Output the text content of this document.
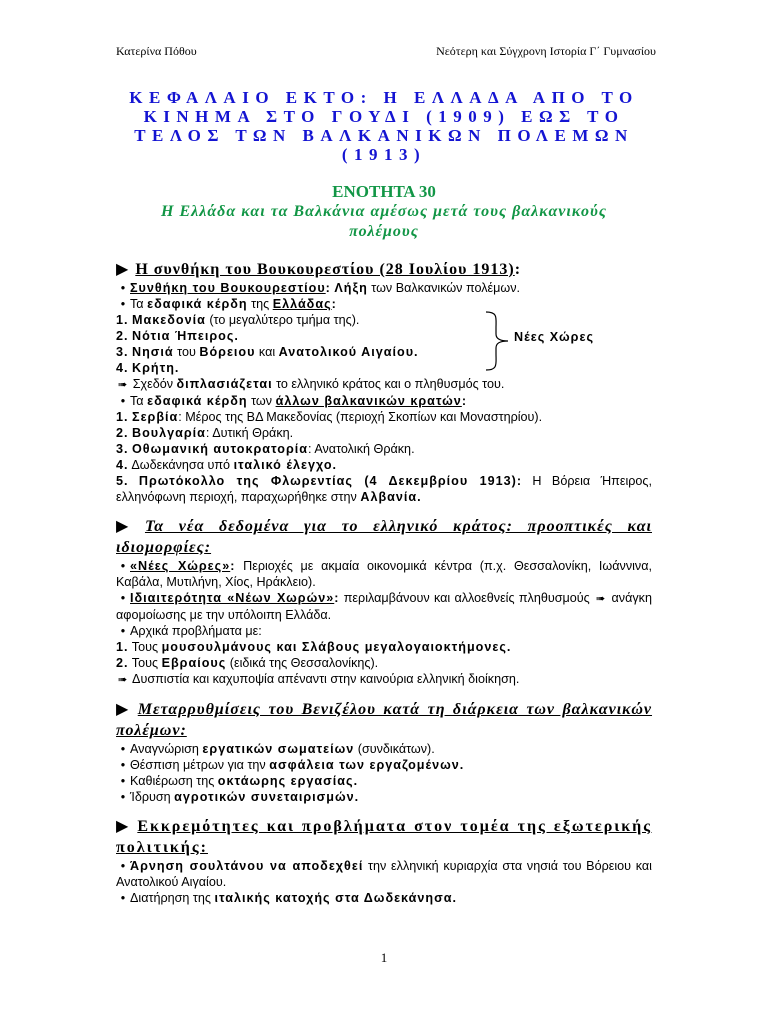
Κατερίνα Πόθου	Νεότερη και Σύγχρονη Ιστορία Γ΄ Γυμνασίου
ΚΕΦΑΛΑΙΟ ΕΚΤΟ: Η ΕΛΛΑΔΑ ΑΠΟ ΤΟ
ΚΙΝΗΜΑ ΣΤΟ ΓΟΥΔΙ (1909) ΕΩΣ ΤΟ
ΤΕΛΟΣ ΤΩΝ ΒΑΛΚΑΝΙΚΩΝ ΠΟΛΕΜΩΝ
(1913)
ΕΝΟΤΗΤΑ 30
Η Ελλάδα και τα Βαλκάνια αμέσως μετά τους βαλκανικούς
πολέμους
▶ Η συνθήκη του Βουκουρεστίου (28 Ιουλίου 1913):
• Συνθήκη του Βουκουρεστίου: Λήξη των Βαλκανικών πολέμων.
• Τα εδαφικά κέρδη της Ελλάδας:
1. Μακεδονία (το μεγαλύτερο τμήμα της).
2. Νότια Ήπειρος.
3. Νησιά του Βόρειου και Ανατολικού Αιγαίου.
4. Κρήτη.
Νέες Χώρες
➠ Σχεδόν διπλασιάζεται το ελληνικό κράτος και ο πληθυσμός του.
• Τα εδαφικά κέρδη των άλλων βαλκανικών κρατών:
1. Σερβία: Μέρος της ΒΔ Μακεδονίας (περιοχή Σκοπίων και Μοναστηρίου).
2. Βουλγαρία: Δυτική Θράκη.
3. Οθωμανική αυτοκρατορία: Ανατολική Θράκη.
4. Δωδεκάνησα υπό ιταλικό έλεγχο.
5. Πρωτόκολλο της Φλωρεντίας (4 Δεκεμβρίου 1913): Η Βόρεια Ήπειρος, ελληνόφωνη περιοχή, παραχωρήθηκε στην Αλβανία.
▶ Τα νέα δεδομένα για το ελληνικό κράτος: προοπτικές και ιδιομορφίες:
• «Νέες Χώρες»: Περιοχές με ακμαία οικονομικά κέντρα (π.χ. Θεσσαλονίκη, Ιωάννινα, Καβάλα, Μυτιλήνη, Χίος, Ηράκλειο).
• Ιδιαιτερότητα «Νέων Χωρών»: περιλαμβάνουν και αλλοεθνείς πληθυσμούς ➠ ανάγκη αφομοίωσης με την υπόλοιπη Ελλάδα.
• Αρχικά προβλήματα με:
1. Τους μουσουλμάνους και Σλάβους μεγαλογαιοκτήμονες.
2. Τους Εβραίους (ειδικά της Θεσσαλονίκης).
➠ Δυσπιστία και καχυποψία απέναντι στην καινούρια ελληνική διοίκηση.
▶ Μεταρρυθμίσεις του Βενιζέλου κατά τη διάρκεια των βαλκανικών πολέμων:
• Αναγνώριση εργατικών σωματείων (συνδικάτων).
• Θέσπιση μέτρων για την ασφάλεια των εργαζομένων.
• Καθιέρωση της οκτάωρης εργασίας.
• Ίδρυση αγροτικών συνεταιρισμών.
▶ Εκκρεμότητες και προβλήματα στον τομέα της εξωτερικής πολιτικής:
• Άρνηση σουλτάνου να αποδεχθεί την ελληνική κυριαρχία στα νησιά του Βόρειου και Ανατολικού Αιγαίου.
• Διατήρηση της ιταλικής κατοχής στα Δωδεκάνησα.
1
